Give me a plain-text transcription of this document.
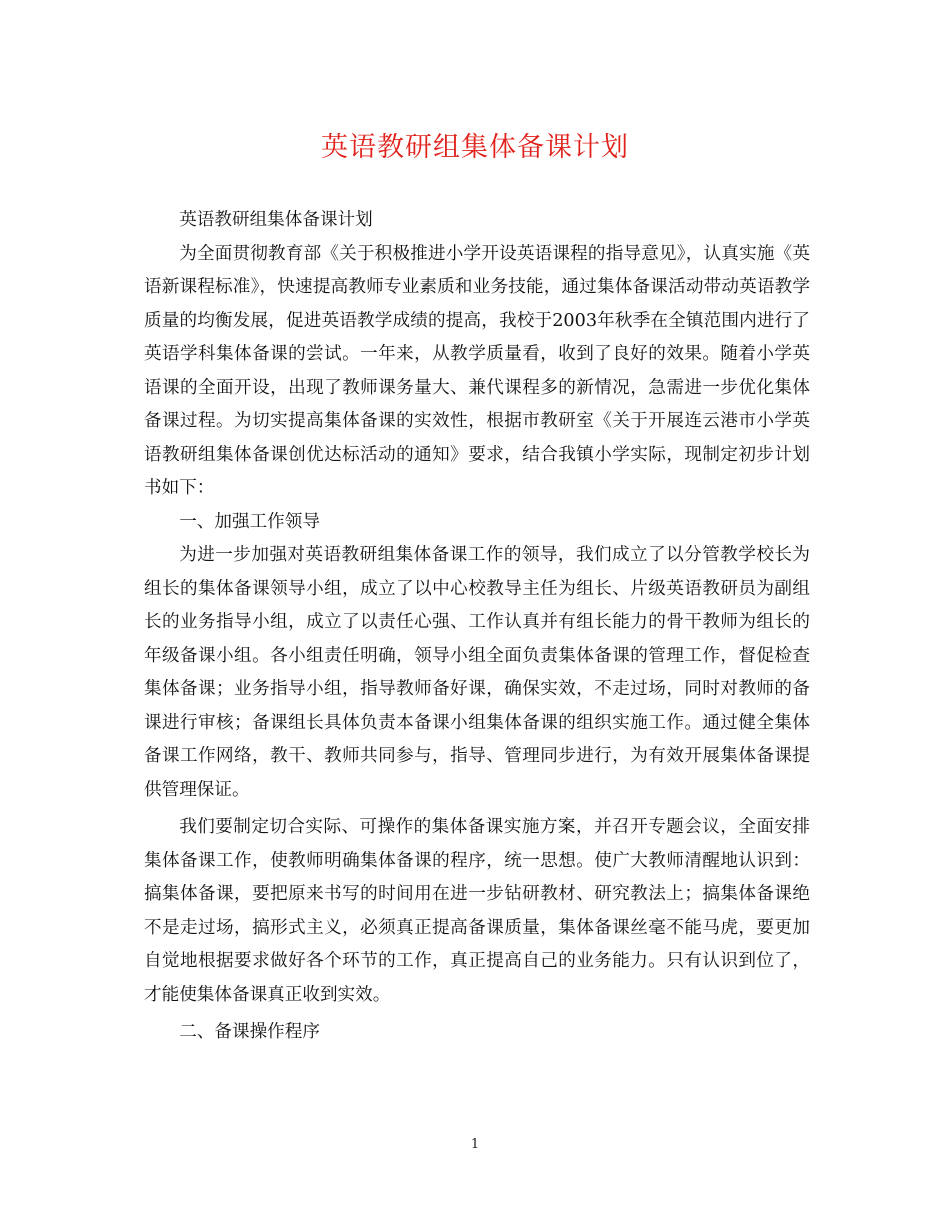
英语教研组集体备课计划

英语教研组集体备课计划

为全面贯彻教育部《关于积极推进小学开设英语课程的指导意见》，认真实施《英语新课程标准》，快速提高教师专业素质和业务技能，通过集体备课活动带动英语教学质量的均衡发展，促进英语教学成绩的提高，我校于2003年秋季在全镇范围内进行了英语学科集体备课的尝试。一年来，从教学质量看，收到了良好的效果。随着小学英语课的全面开设，出现了教师课务量大、兼代课程多的新情况，急需进一步优化集体备课过程。为切实提高集体备课的实效性，根据市教研室《关于开展连云港市小学英语教研组集体备课创优达标活动的通知》要求，结合我镇小学实际，现制定初步计划书如下：

一、加强工作领导

为进一步加强对英语教研组集体备课工作的领导，我们成立了以分管教学校长为组长的集体备课领导小组，成立了以中心校教导主任为组长、片级英语教研员为副组长的业务指导小组，成立了以责任心强、工作认真并有组长能力的骨干教师为组长的年级备课小组。各小组责任明确，领导小组全面负责集体备课的管理工作，督促检查集体备课；业务指导小组，指导教师备好课，确保实效，不走过场，同时对教师的备课进行审核；备课组长具体负责本备课小组集体备课的组织实施工作。通过健全集体备课工作网络，教干、教师共同参与，指导、管理同步进行，为有效开展集体备课提供管理保证。

我们要制定切合实际、可操作的集体备课实施方案，并召开专题会议，全面安排集体备课工作，使教师明确集体备课的程序，统一思想。使广大教师清醒地认识到：搞集体备课，要把原来书写的时间用在进一步钻研教材、研究教法上；搞集体备课绝不是走过场，搞形式主义，必须真正提高备课质量，集体备课丝毫不能马虎，要更加自觉地根据要求做好各个环节的工作，真正提高自己的业务能力。只有认识到位了，才能使集体备课真正收到实效。

二、备课操作程序

1
